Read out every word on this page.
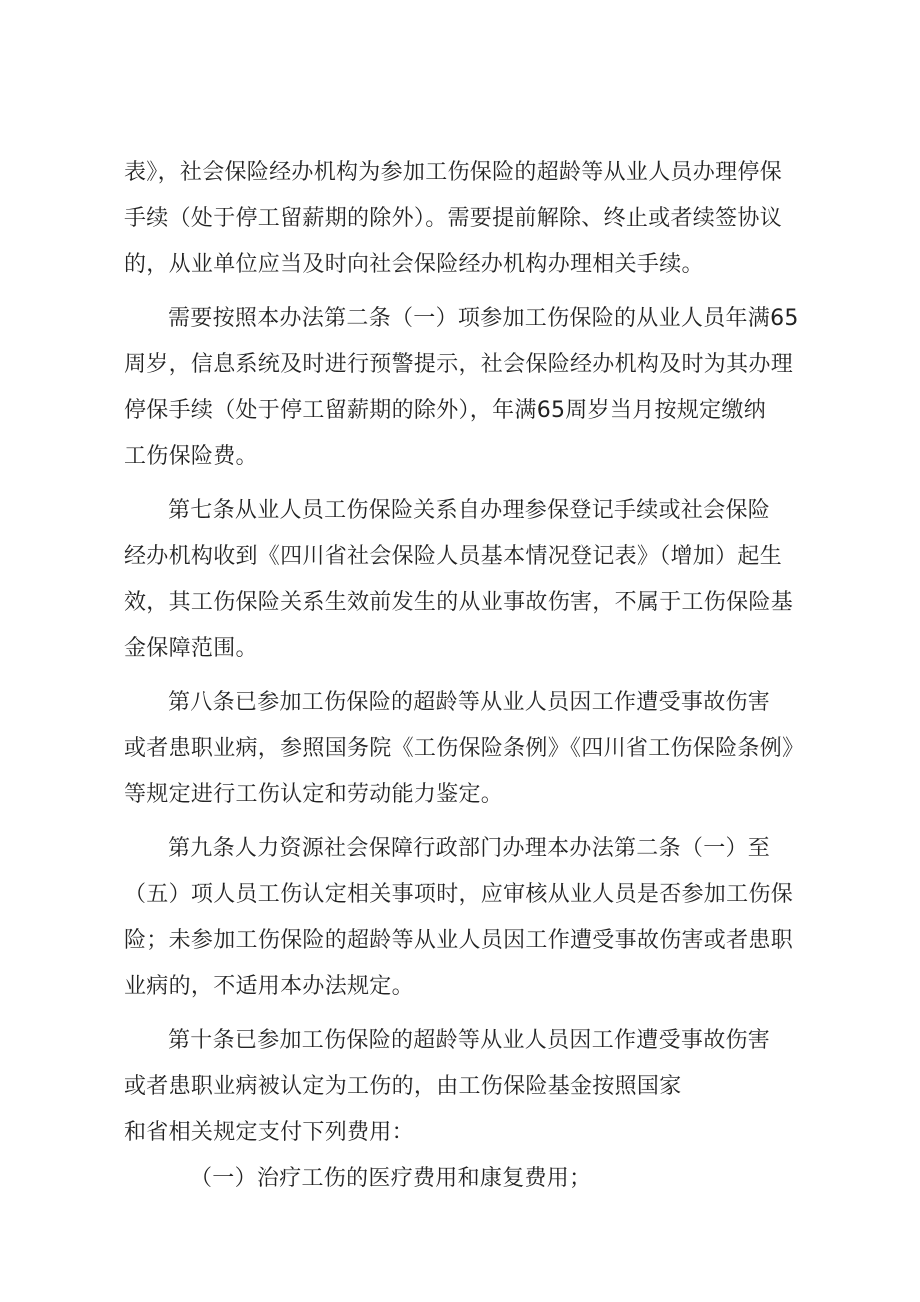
表》，社会保险经办机构为参加工伤保险的超龄等从业人员办理停保
手续（处于停工留薪期的除外）。需要提前解除、终止或者续签协议
的，从业单位应当及时向社会保险经办机构办理相关手续。

需要按照本办法第二条（一）项参加工伤保险的从业人员年满65
周岁，信息系统及时进行预警提示，社会保险经办机构及时为其办理
停保手续（处于停工留薪期的除外），年满65周岁当月按规定缴纳
工伤保险费。

第七条从业人员工伤保险关系自办理参保登记手续或社会保险
经办机构收到《四川省社会保险人员基本情况登记表》（增加）起生
效，其工伤保险关系生效前发生的从业事故伤害，不属于工伤保险基
金保障范围。

第八条已参加工伤保险的超龄等从业人员因工作遭受事故伤害
或者患职业病，参照国务院《工伤保险条例》《四川省工伤保险条例》
等规定进行工伤认定和劳动能力鉴定。

第九条人力资源社会保障行政部门办理本办法第二条（一）至
（五）项人员工伤认定相关事项时，应审核从业人员是否参加工伤保
险；未参加工伤保险的超龄等从业人员因工作遭受事故伤害或者患职
业病的，不适用本办法规定。

第十条已参加工伤保险的超龄等从业人员因工作遭受事故伤害
或者患职业病被认定为工伤的，由工伤保险基金按照国家
和省相关规定支付下列费用：

（一）治疗工伤的医疗费用和康复费用；
